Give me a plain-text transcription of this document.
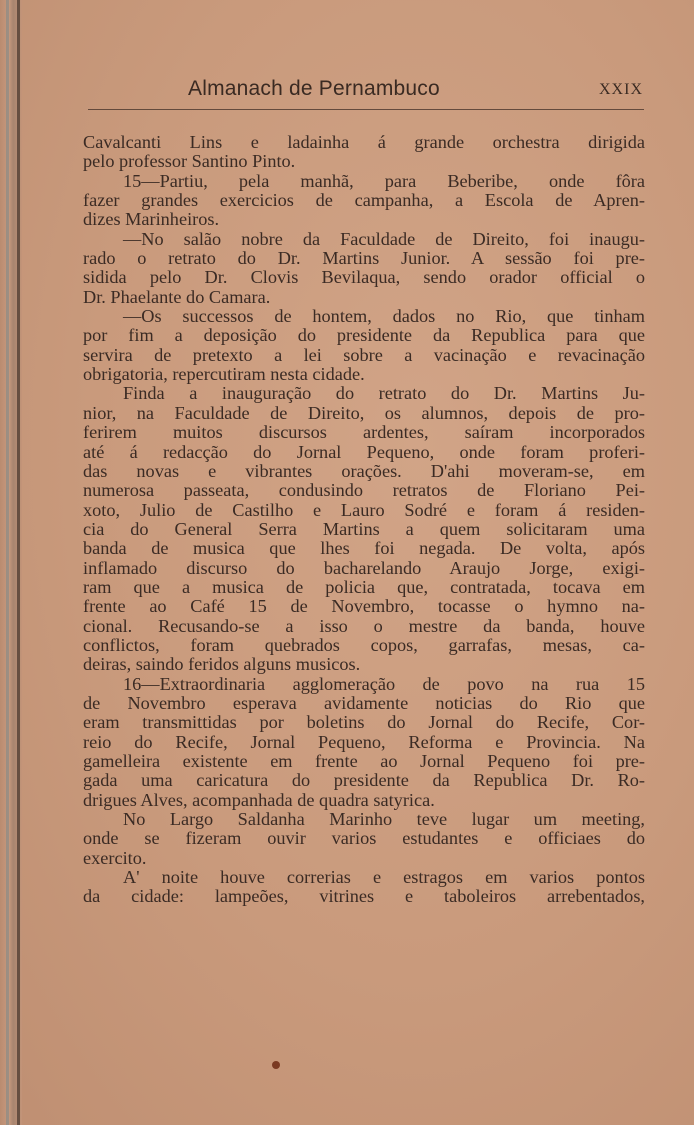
Almanach de Pernambuco	XXIX
Cavalcanti Lins e ladainha á grande orchestra dirigida
pelo professor Santino Pinto.
15—Partiu, pela manhã, para Beberibe, onde fôra
fazer grandes exercicios de campanha, a Escola de Apren-
dizes Marinheiros.
—No salão nobre da Faculdade de Direito, foi inaugu-
rado o retrato do Dr. Martins Junior. A sessão foi pre-
sidida pelo Dr. Clovis Bevilaqua, sendo orador official o
Dr. Phaelante do Camara.
—Os successos de hontem, dados no Rio, que tinham
por fim a deposição do presidente da Republica para que
servira de pretexto a lei sobre a vacinação e revacinação
obrigatoria, repercutiram nesta cidade.
Finda a inauguração do retrato do Dr. Martins Ju-
nior, na Faculdade de Direito, os alumnos, depois de pro-
ferirem muitos discursos ardentes, saíram incorporados
até á redacção do Jornal Pequeno, onde foram proferi-
das novas e vibrantes orações. D'ahi moveram-se, em
numerosa passeata, condusindo retratos de Floriano Pei-
xoto, Julio de Castilho e Lauro Sodré e foram á residen-
cia do General Serra Martins a quem solicitaram uma
banda de musica que lhes foi negada. De volta, após
inflamado discurso do bacharelando Araujo Jorge, exigi-
ram que a musica de policia que, contratada, tocava em
frente ao Café 15 de Novembro, tocasse o hymno na-
cional. Recusando-se a isso o mestre da banda, houve
conflictos, foram quebrados copos, garrafas, mesas, ca-
deiras, saindo feridos alguns musicos.
16—Extraordinaria agglomeração de povo na rua 15
de Novembro esperava avidamente noticias do Rio que
eram transmittidas por boletins do Jornal do Recife, Cor-
reio do Recife, Jornal Pequeno, Reforma e Provincia. Na
gamelleira existente em frente ao Jornal Pequeno foi pre-
gada uma caricatura do presidente da Republica Dr. Ro-
drigues Alves, acompanhada de quadra satyrica.
No Largo Saldanha Marinho teve lugar um meeting,
onde se fizeram ouvir varios estudantes e officiaes do
exercito.
A' noite houve correrias e estragos em varios pontos
da cidade: lampeões, vitrines e taboleiros arrebentados,
